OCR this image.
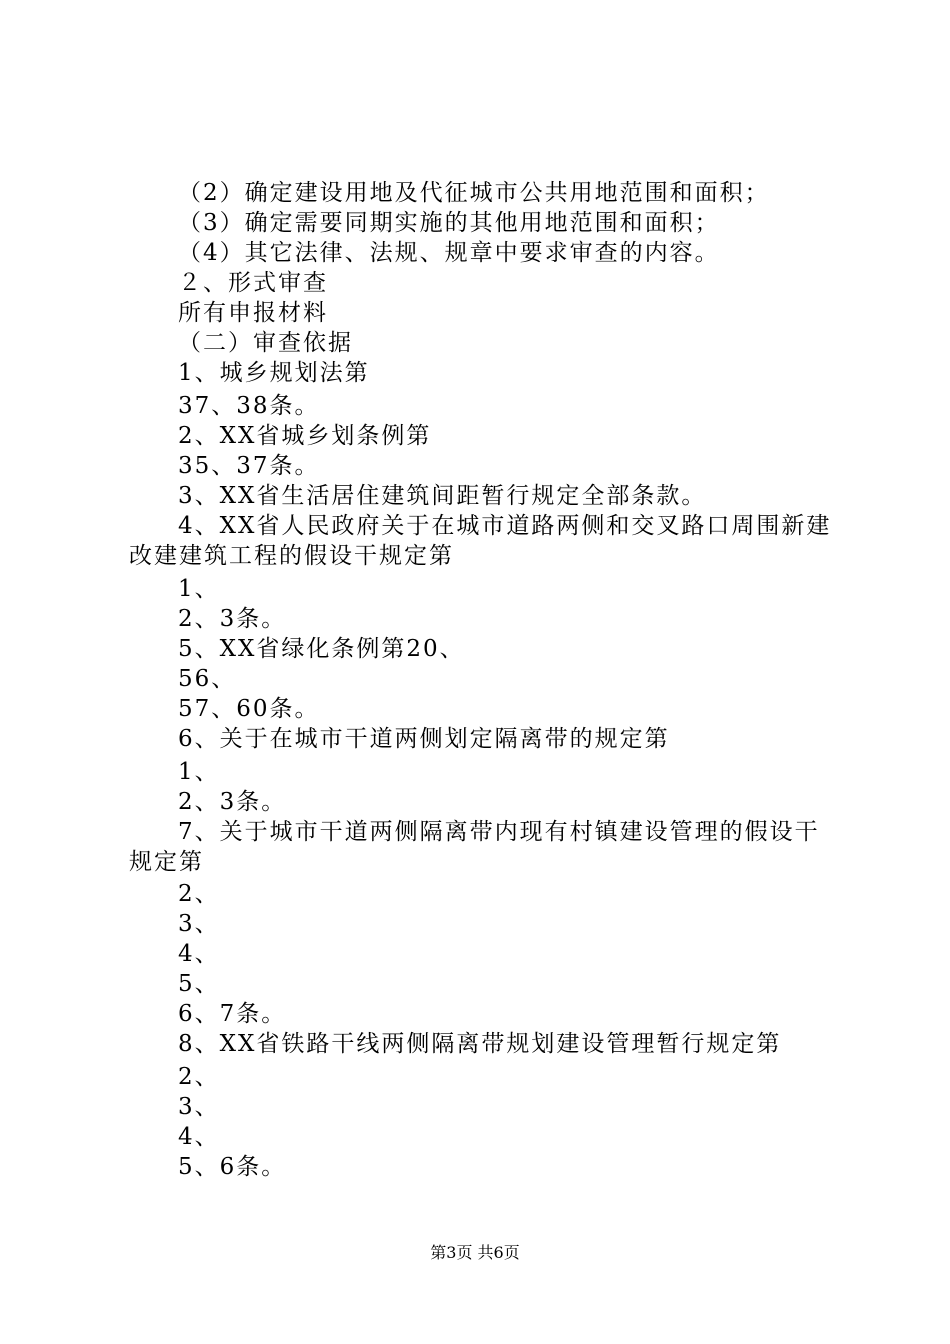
（2）确定建设用地及代征城市公共用地范围和面积；
（3）确定需要同期实施的其他用地范围和面积；
（4）其它法律、法规、规章中要求审查的内容。
２、形式审查
所有申报材料
（二）审查依据
1、城乡规划法第
37、38条。
2、XX省城乡划条例第
35、37条。
3、XX省生活居住建筑间距暂行规定全部条款。
4、XX省人民政府关于在城市道路两侧和交叉路口周围新建
改建建筑工程的假设干规定第
1、
2、3条。
5、XX省绿化条例第20、
56、
57、60条。
6、关于在城市干道两侧划定隔离带的规定第
1、
2、3条。
7、关于城市干道两侧隔离带内现有村镇建设管理的假设干
规定第
2、
3、
4、
5、
6、7条。
8、XX省铁路干线两侧隔离带规划建设管理暂行规定第
2、
3、
4、
5、6条。
第3页 共6页
